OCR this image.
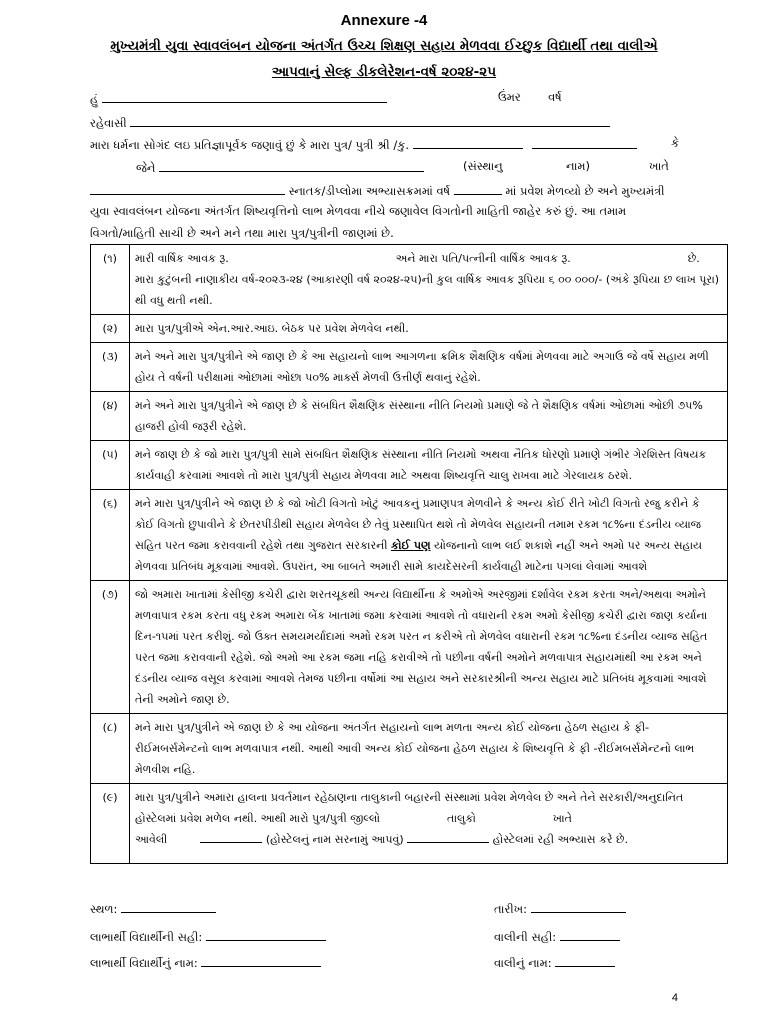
Annexure -4
મુખ્યમંત્રી યુવા સ્વાવલંબન યોજના અંતર્ગત ઉચ્ચ શિક્ષણ સહાય મેળવવા ઈચ્છુક વિદ્યાર્થી તથા વાલીએ
આપવાનું સેલ્ફ ડીકલેરેશન-વર્ષ ૨૦૨૪-૨૫
હું	ઉંમર વર્ષ
રહેવાસી
મારા ધર્મના સોગંદ લઇ પ્રતિજ્ઞાપૂર્વક જણાવું છું કે મારા પુત્ર/ પુત્રી શ્રી /કુ.	કે
જેને	(સંસ્થાનુ	નામ)	ખાતે
સ્નાતક/ડીપ્લોમા અભ્યાસક્રમમાં વર્ષ	માં પ્રવેશ મેળવ્યો છે અને મુખ્યમંત્રી
યુવા સ્વાવલંબન યોજના અંતર્ગત શિષ્યવૃત્તિનો લાભ મેળવવા નીચે જણાવેલ વિગતોની માહિતી જાહેર કરું છું. આ તમામ
વિગતો/માહિતી સાચી છે અને મને તથા મારા પુત્ર/પુત્રીની જાણમાં છે.
(૧)	મારી વાર્ષિક આવક રૂ. અને મારા પતિ/પત્નીની વાર્ષિક આવક રૂ. છે.
મારા કુટુંબની નાણાકીય વર્ષ-૨૦૨૩-૨૪ (આકારણી વર્ષ ૨૦૨૪-૨૫)ની કુલ વાર્ષિક આવક રૂપિયા ૬ ૦૦ ૦૦૦/- (અંકે રૂપિયા છ લાખ પૂરા) થી વધુ થતી નથી.

(૨)	મારા પુત્ર/પુત્રીએ એન.આર.આઇ. બેઠક પર પ્રવેશ મેળવેલ નથી.
(૩)	મને અને મારા પુત્ર/પુત્રીને એ જાણ છે કે આ સહાયનો લાભ આગળના ક્રમિક શૈક્ષણિક વર્ષમાં મેળવવા માટે અગાઉ જે વર્ષે સહાય મળી હોય તે વર્ષની પરીક્ષામાં ઓછામાં ઓછા ૫૦% માર્ક્સ મેળવી ઉત્તીર્ણ થવાનું રહેશે.
(૪)	મને અને મારા પુત્ર/પુત્રીને એ જાણ છે કે સંબધિત શૈક્ષણિક સંસ્થાના નીતિ નિયમો પ્રમાણે જે તે શૈક્ષણિક વર્ષમાં ઓછામાં ઓછી ૭૫% હાજરી હોવી જરૂરી રહેશે.
(૫)	મને જાણ છે કે જો મારા પુત્ર/પુત્રી સામે સંબધિત શૈક્ષણિક સંસ્થાના નીતિ નિયમો અથવા નૈતિક ધોરણો પ્રમાણે ગંભીર ગેરશિસ્ત વિષયક કાર્યવાહી કરવામાં આવશે તો મારા પુત્ર/પુત્રી સહાય મેળવવા માટે અથવા શિષ્યવૃત્તિ ચાલુ રાખવા માટે ગેરલાયક ઠરશે.
(૬)	મને મારા પુત્ર/પુત્રીને એ જાણ છે કે જો ખોટી વિગતો ખોટું આવકનું પ્રમાણપત્ર મેળવીને કે અન્ય કોઈ રીતે ખોટી વિગતો રજુ કરીને કે કોઈ વિગતો છુપાવીને કે છેતરપીંડીથી સહાય મેળવેલ છે તેવું પ્રસ્થાપિત થશે તો મેળવેલ સહાયની તમામ રકમ ૧૮%ના દંડનીય વ્યાજ સહિત પરત જમા કરાવવાની રહેશે તથા ગુજરાત સરકારની કોઈ પણ યોજનાનો લાભ લઈ શકાશે નહીં અને અમો પર અન્ય સહાય મેળવવા પ્રતિબંધ મૂકવામાં આવશે. ઉપરાંત, આ બાબતે અમારી સામે કાયદેસરની કાર્યવાહી માટેના પગલાં લેવામાં આવશે
(૭)	જો અમારા ખાતામાં કેસીજી કચેરી દ્વારા શરતચૂકથી અન્ય વિદ્યાર્થીના કે અમોએ અરજીમાં દર્શાવેલ રકમ કરતા અને/અથવા અમોને મળવાપાત્ર રકમ કરતા વધુ રકમ અમારા બેંક ખાતામાં જમા કરવામાં આવશે તો વધારાની રકમ અમો કેસીજી કચેરી દ્વારા જાણ કર્યાના દિન-૧૫માં પરત કરીશું. જો ઉક્ત સમયમર્યાદામાં અમો રકમ પરત ન કરીએ તો મેળવેલ વધારાની રકમ ૧૮%ના દંડનીય વ્યાજ સહિત પરત જમા કરાવવાની રહેશે. જો અમો આ રકમ જમા નહિ કરાવીએ તો પછીના વર્ષની અમોને મળવાપાત્ર સહાયમાંથી આ રકમ અને દંડનીય વ્યાજ વસૂલ કરવામાં આવશે તેમજ પછીના વર્ષોમાં આ સહાય અને સરકારશ્રીની અન્ય સહાય માટે પ્રતિબંધ મૂકવામાં આવશે તેની અમોને જાણ છે.
(૮)	મને મારા પુત્ર/પુત્રીને એ જાણ છે કે આ યોજના અંતર્ગત સહાયનો લાભ મળતા અન્ય કોઈ યોજના હેઠળ સહાય કે ફી-રીઈમબર્સમેન્ટનો લાભ મળવાપાત્ર નથી. આથી આવી અન્ય કોઈ યોજના હેઠળ સહાય કે શિષ્યવૃત્તિ કે ફી -રીઈમબર્સમેન્ટનો લાભ મેળવીશ નહિ.
(૯)	મારા પુત્ર/પુત્રીને અમારા હાલના પ્રવર્તમાન રહેઠાણના તાલુકાની બહારની સંસ્થામાં પ્રવેશ મેળવેલ છે અને તેને સરકારી/અનુદાનિત હોસ્ટેલમાં પ્રવેશ મળેલ નથી. આથી મારો પુત્ર/પુત્રી જીલ્લો તાલુકો ખાતે
આવેલી (હોસ્ટેલનું નામ સરનામું આપવું) હોસ્ટેલમાં રહી અભ્યાસ કરે છે.
સ્થળ:	તારીખ:
લાભાર્થી વિદ્યાર્થીની સહી:	વાલીની સહી:
લાભાર્થી વિદ્યાર્થીનું નામ:	વાલીનું નામ:
4
